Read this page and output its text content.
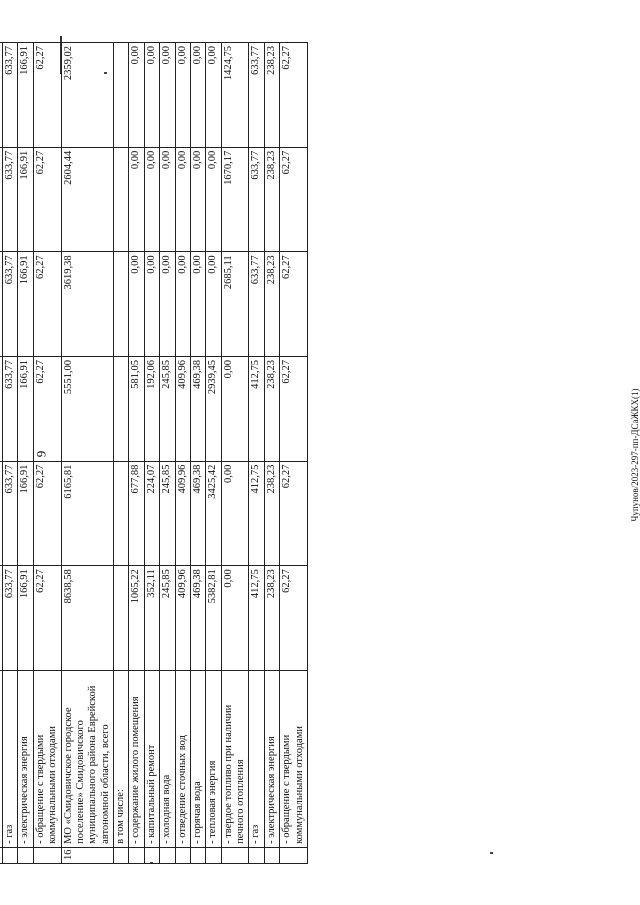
9	Чупунов/2023-297-пп-ДСаЖКХ(1)

	- газ	633,77	633,77	633,77	633,77	633,77	633,77
	- электрическая энергия	166,91	166,91	166,91	166,91	166,91	166,91
	- обращение с твердыми коммунальными отходами	62,27	62,27	62,27	62,27	62,27	62,27
16	МО «Смидовичское городское поселение» Смидовичского муниципального района Еврейской автономной области, всего	8638,58	6165,81	5551,00	3619,38	2604,44	2359,02
	в том числе:						
	- содержание жилого помещения	1065,22	677,88	581,05	0,00	0,00	0,00
	- капитальный ремонт	352,11	224,07	192,06	0,00	0,00	0,00
	- холодная вода	245,85	245,85	245,85	0,00	0,00	0,00
	- отведение сточных вод	409,96	409,96	409,96	0,00	0,00	0,00
	- горячая вода	469,38	469,38	469,38	0,00	0,00	0,00
	- тепловая энергия	5382,81	3425,42	2939,45	0,00	0,00	0,00
	- твердое топливо при наличии печного отопления	0,00	0,00	0,00	2685,11	1670,17	1424,75
	- газ	412,75	412,75	412,75	633,77	633,77	633,77
	- электрическая энергия	238,23	238,23	238,23	238,23	238,23	238,23
	- обращение с твердыми коммунальными отходами	62,27	62,27	62,27	62,27	62,27	62,27
